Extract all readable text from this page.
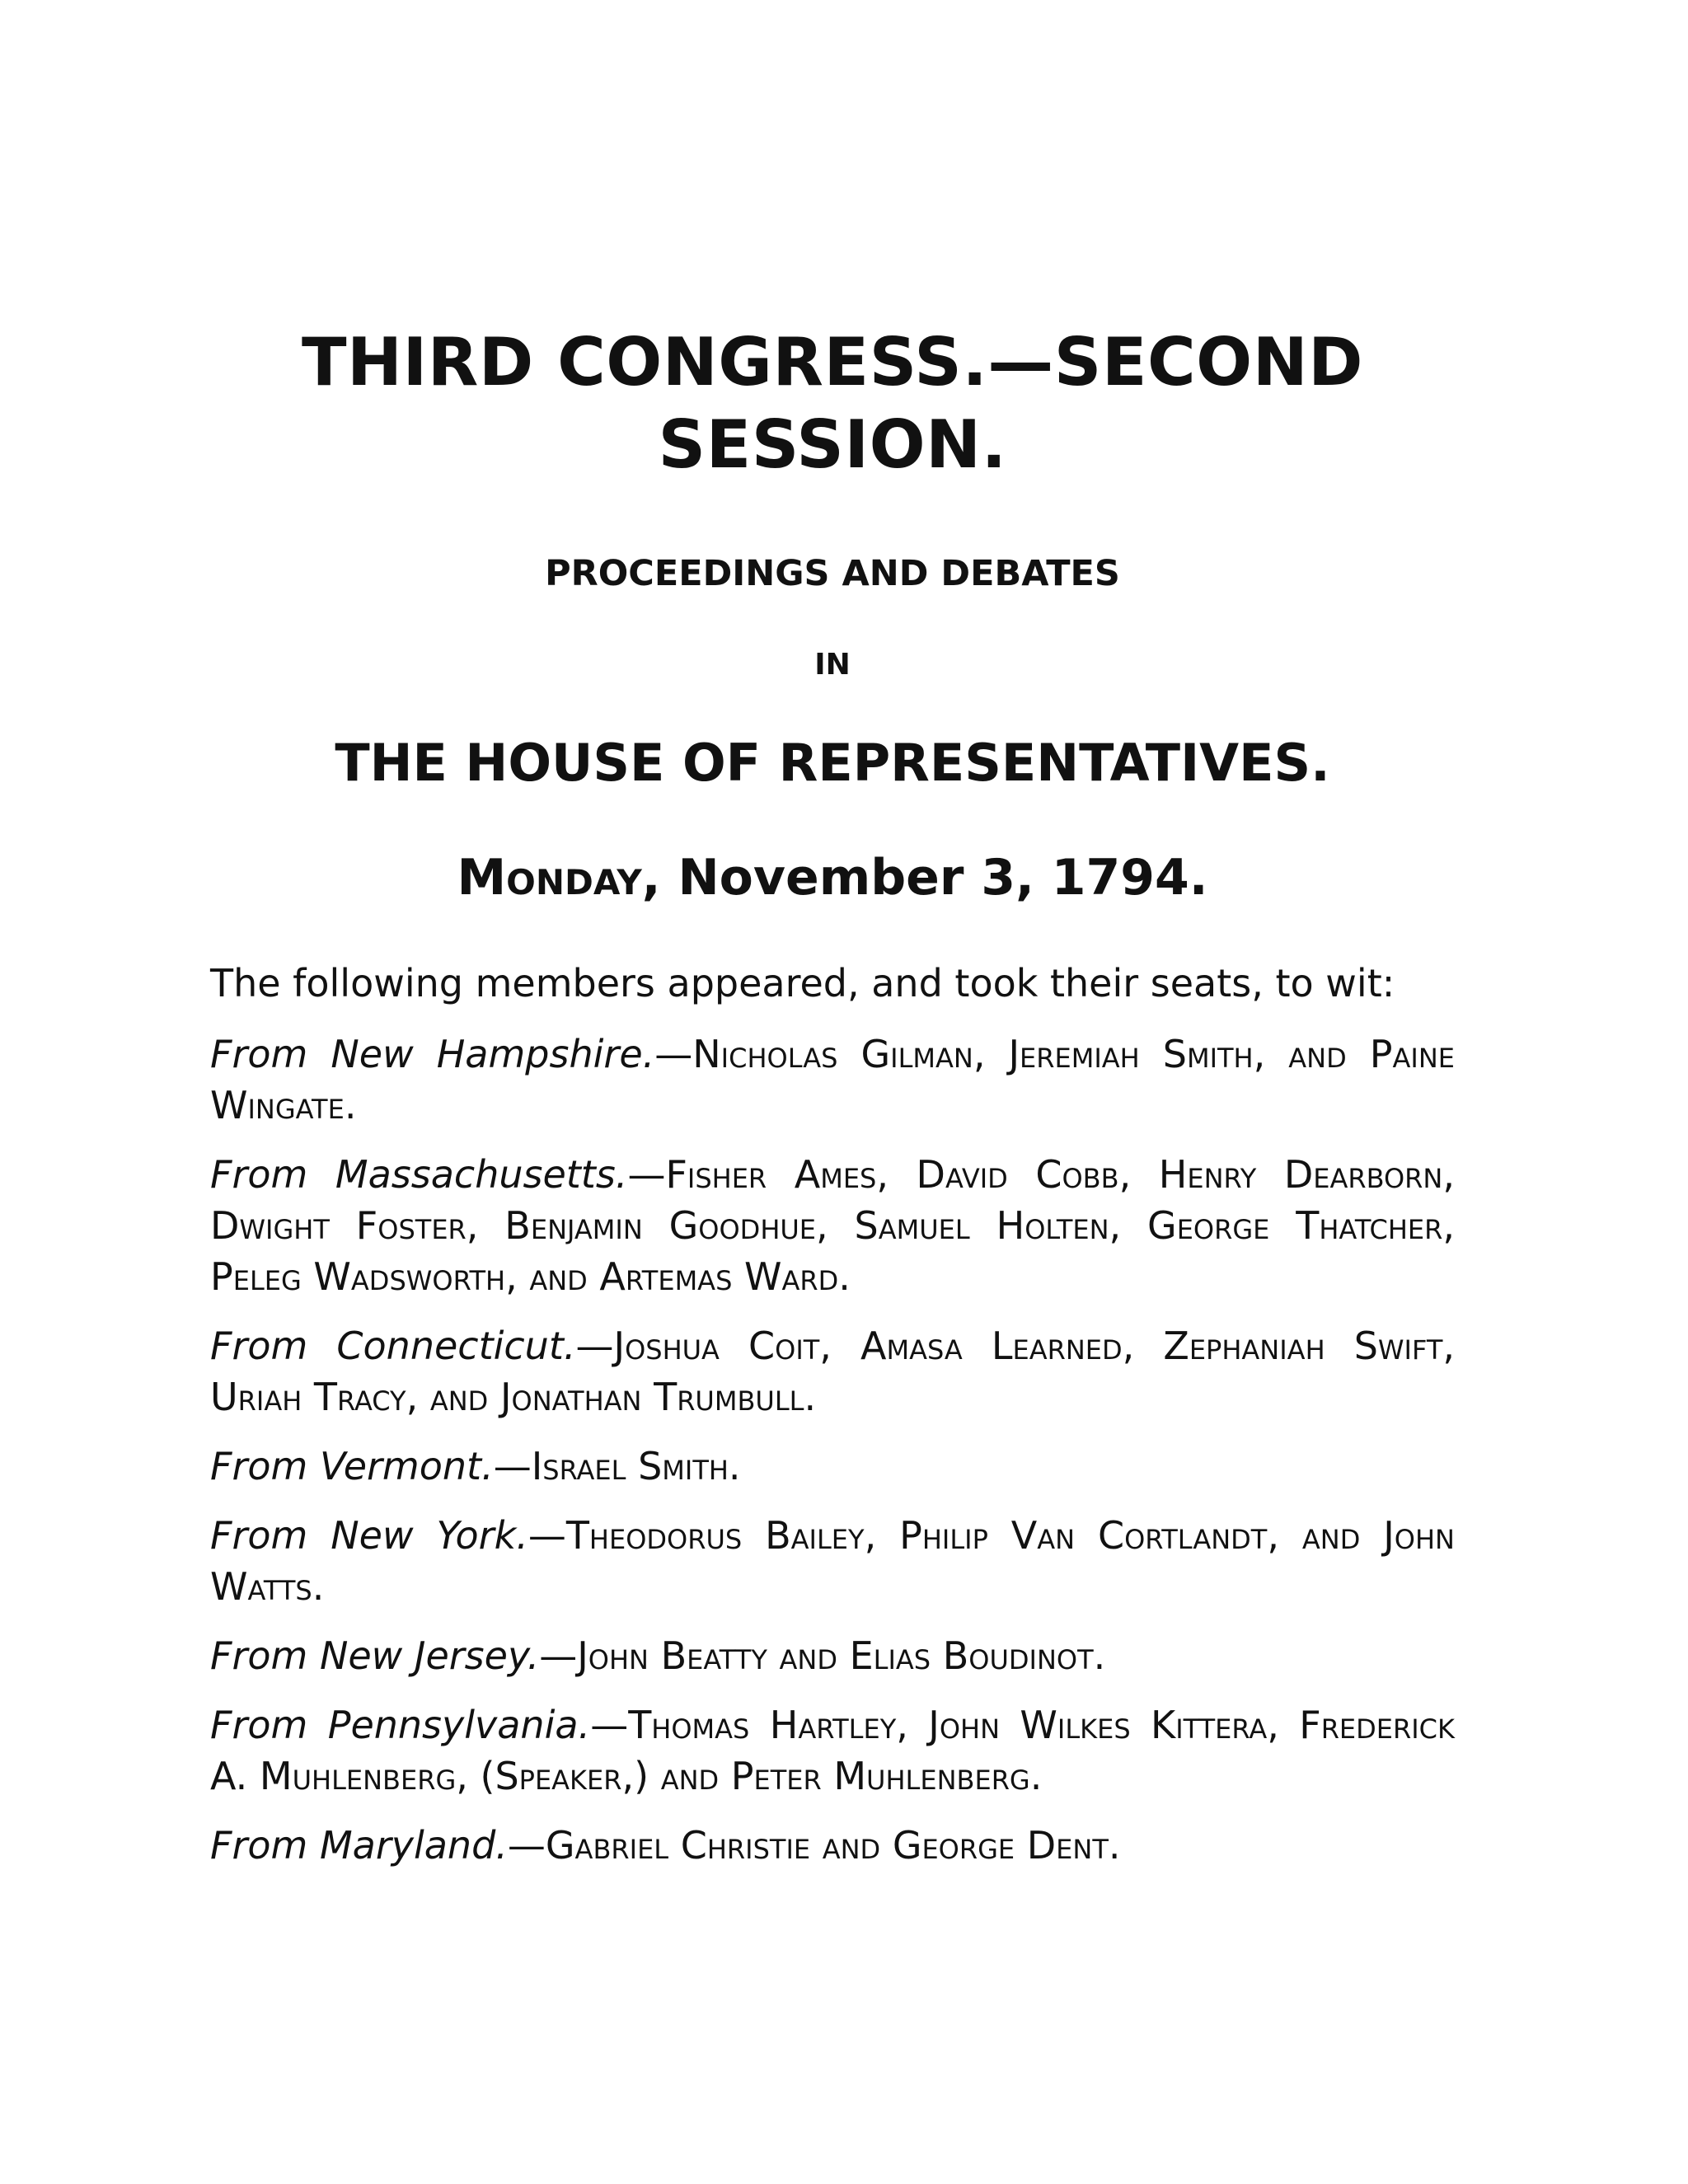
THIRD CONGRESS.—SECOND
SESSION.
PROCEEDINGS AND DEBATES
IN
THE HOUSE OF REPRESENTATIVES.
Monday, November 3, 1794.

The following members appeared, and took their seats, to wit:

From New Hampshire.—Nicholas Gilman, Jeremiah Smith, and Paine Wingate.

From Massachusetts.—Fisher Ames, David Cobb, Henry Dearborn, Dwight Foster, Benjamin Goodhue, Samuel Holten, George Thatcher, Peleg Wadsworth, and Artemas Ward.

From Connecticut.—Joshua Coit, Amasa Learned, Zephaniah Swift, Uriah Tracy, and Jonathan Trumbull.

From Vermont.—Israel Smith.

From New York.—Theodorus Bailey, Philip Van Cortlandt, and John Watts.

From New Jersey.—John Beatty and Elias Boudinot.

From Pennsylvania.—Thomas Hartley, John Wilkes Kittera, Frederick A. Muhlenberg, (Speaker,) and Peter Muhlenberg.

From Maryland.—Gabriel Christie and George Dent.
